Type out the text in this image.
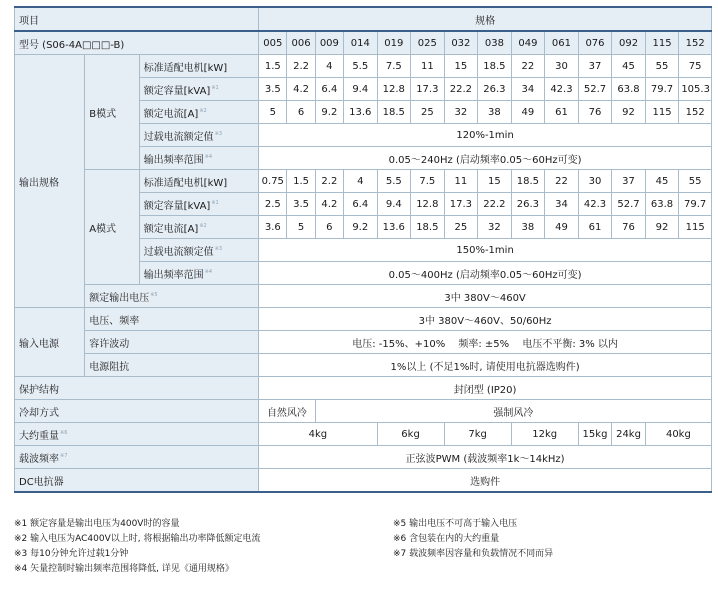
项目			规格													
型号 (S06-4A□□□-B)			005	006	009	014	019	025	032	038	049	061	076	092	115	152
输出规格	B模式	标准适配电机[kW]	1.5	2.2	4	5.5	7.5	11	15	18.5	22	30	37	45	55	75
		额定容量[kVA]$^{※1}$	3.5	4.2	6.4	9.4	12.8	17.3	22.2	26.3	34	42.3	52.7	63.8	79.7	105.3
		额定电流$[A]^{※2}$	5	6	9.2	13.6	18.5	25	32	38	49	61	76	92	115	152
		过载电流额定值$^{※3}$	120%-1min													
		输出频率范围$^{※4}$	0.05～240Hz (启动频率0.05～60Hz可变)													
	A模式	标准适配电机[kW]	0.75	1.5	2.2	4	5.5	7.5	11	15	18.5	22	30	37	45	55
		额定容量[kVA]$^{※1}$	2.5	3.5	4.2	6.4	9.4	12.8	17.3	22.2	26.3	34	42.3	52.7	63.8	79.7
		额定电流$[A]^{※2}$	3.6	5	6	9.2	13.6	18.5	25	32	38	49	61	76	92	115
		过载电流额定值$^{※3}$	150%-1min													
		输出频率范围$^{※4}$	0.05～400Hz (启动频率0.05～60Hz可变)													
	额定输出电压$^{※5}$		3中 380V～460V													
输入电源	电压、频率		3中 380V～460V、50/60Hz													
	容许波动		电压: -15%、+10%　 频率: ±5%　 电压不平衡: 3% 以内													
	电源阻抗		1%以上 (不足1%时, 请使用电抗器选购件)													
保护结构			封闭型 (IP20)													
冷却方式			自然风冷		强制风冷											
大约重量$^{※6}$			4kg				6kg		7kg		12kg		15kg	24kg	40kg	
载波频率$^{※7}$			正弦波PWM (载波频率1k～14kHz)													
DC电抗器			选购件													
※1 额定容量是输出电压为400V时的容量
※2 输入电压为AC400V以上时, 将根据输出功率降低额定电流
※3 每10分钟允许过载1分钟
※4 矢量控制时输出频率范围将降低, 详见《通用规格》
※5 输出电压不可高于输入电压
※6 含包装在内的大约重量
※7 载波频率因容量和负载情况不同而异
